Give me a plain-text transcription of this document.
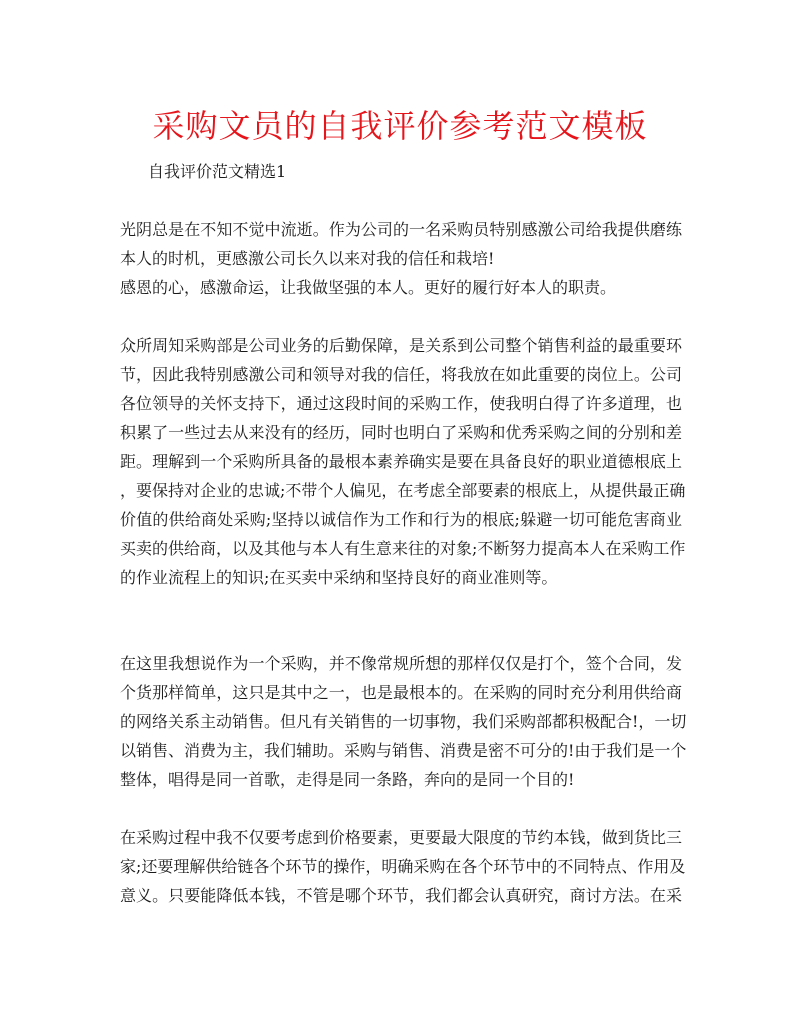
采购文员的自我评价参考范文模板

自我评价范文精选1

光阴总是在不知不觉中流逝。作为公司的一名采购员特别感激公司给我提供磨练
本人的时机，更感激公司长久以来对我的信任和栽培!
感恩的心，感激命运，让我做坚强的本人。更好的履行好本人的职责。
众所周知采购部是公司业务的后勤保障，是关系到公司整个销售利益的最重要环
节，因此我特别感激公司和领导对我的信任，将我放在如此重要的岗位上。公司
各位领导的关怀支持下，通过这段时间的采购工作，使我明白得了许多道理，也
积累了一些过去从来没有的经历，同时也明白了采购和优秀采购之间的分别和差
距。理解到一个采购所具备的最根本素养确实是要在具备良好的职业道德根底上
，要保持对企业的忠诚;不带个人偏见，在考虑全部要素的根底上，从提供最正确
价值的供给商处采购;坚持以诚信作为工作和行为的根底;躲避一切可能危害商业
买卖的供给商，以及其他与本人有生意来往的对象;不断努力提高本人在采购工作
的作业流程上的知识;在买卖中采纳和坚持良好的商业准则等。
在这里我想说作为一个采购，并不像常规所想的那样仅仅是打个，签个合同，发
个货那样简单，这只是其中之一，也是最根本的。在采购的同时充分利用供给商
的网络关系主动销售。但凡有关销售的一切事物，我们采购部都积极配合!，一切
以销售、消费为主，我们辅助。采购与销售、消费是密不可分的!由于我们是一个
整体，唱得是同一首歌，走得是同一条路，奔向的是同一个目的!
在采购过程中我不仅要考虑到价格要素，更要最大限度的节约本钱，做到货比三
家;还要理解供给链各个环节的操作，明确采购在各个环节中的不同特点、作用及
意义。只要能降低本钱，不管是哪个环节，我们都会认真研究，商讨方法。在采
